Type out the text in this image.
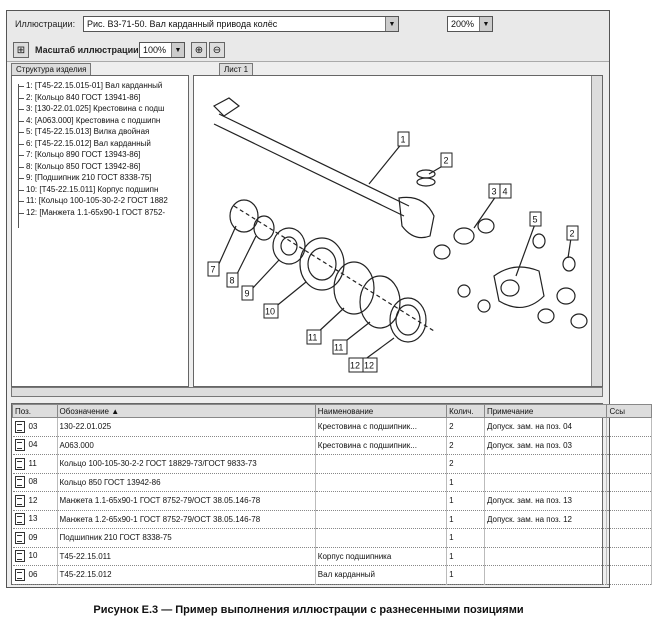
Иллюстрации:	Рис. В3-71-50. Вал карданный привода колёс	▼	200%	▼
⊞	Масштаб иллюстрации 100%	▼	⊕ ⊖
Структура изделия	Лист 1
1: [Т45-22.15.015-01] Вал карданный
2: [Кольцо 840 ГОСТ 13941-86]
3: [130-22.01.025] Крестовина с подш
4: [А063.000] Крестовина с подшипн
5: [Т45-22.15.013] Вилка двойная
6: [Т45-22.15.012] Вал карданный
7: [Кольцо 890 ГОСТ 13943-86]
8: [Кольцо 850 ГОСТ 13942-86]
9: [Подшипник 210 ГОСТ 8338-75]
10: [Т45-22.15.011] Корпус подшипн
11: [Кольцо 100-105-30-2-2 ГОСТ 1882
12: [Манжета 1.1-65х90-1 ГОСТ 8752-
1
2
3 4
5
2
7
8
9
10
11
11
12 12
Поз.	Обозначение ▲	Наименование	Колич.	Примечание	Ссы
03	130-22.01.025	Крестовина с подшипник...	2	Допуск. зам. на поз. 04	
04	А063.000	Крестовина с подшипник...	2	Допуск. зам. на поз. 03	
11	Кольцо 100-105-30-2-2 ГОСТ 18829-73/ГОСТ 9833-73		2		
08	Кольцо 850 ГОСТ 13942-86		1		
12	Манжета 1.1-65х90-1 ГОСТ 8752-79/ОСТ 38.05.146-78		1	Допуск. зам. на поз. 13	
13	Манжета 1.2-65х90-1 ГОСТ 8752-79/ОСТ 38.05.146-78		1	Допуск. зам. на поз. 12	
09	Подшипник 210 ГОСТ 8338-75		1		
10	Т45-22.15.011	Корпус подшипника	1		
06	Т45-22.15.012	Вал карданный	1		
Рисунок Е.3 — Пример выполнения иллюстрации с разнесенными позициями
